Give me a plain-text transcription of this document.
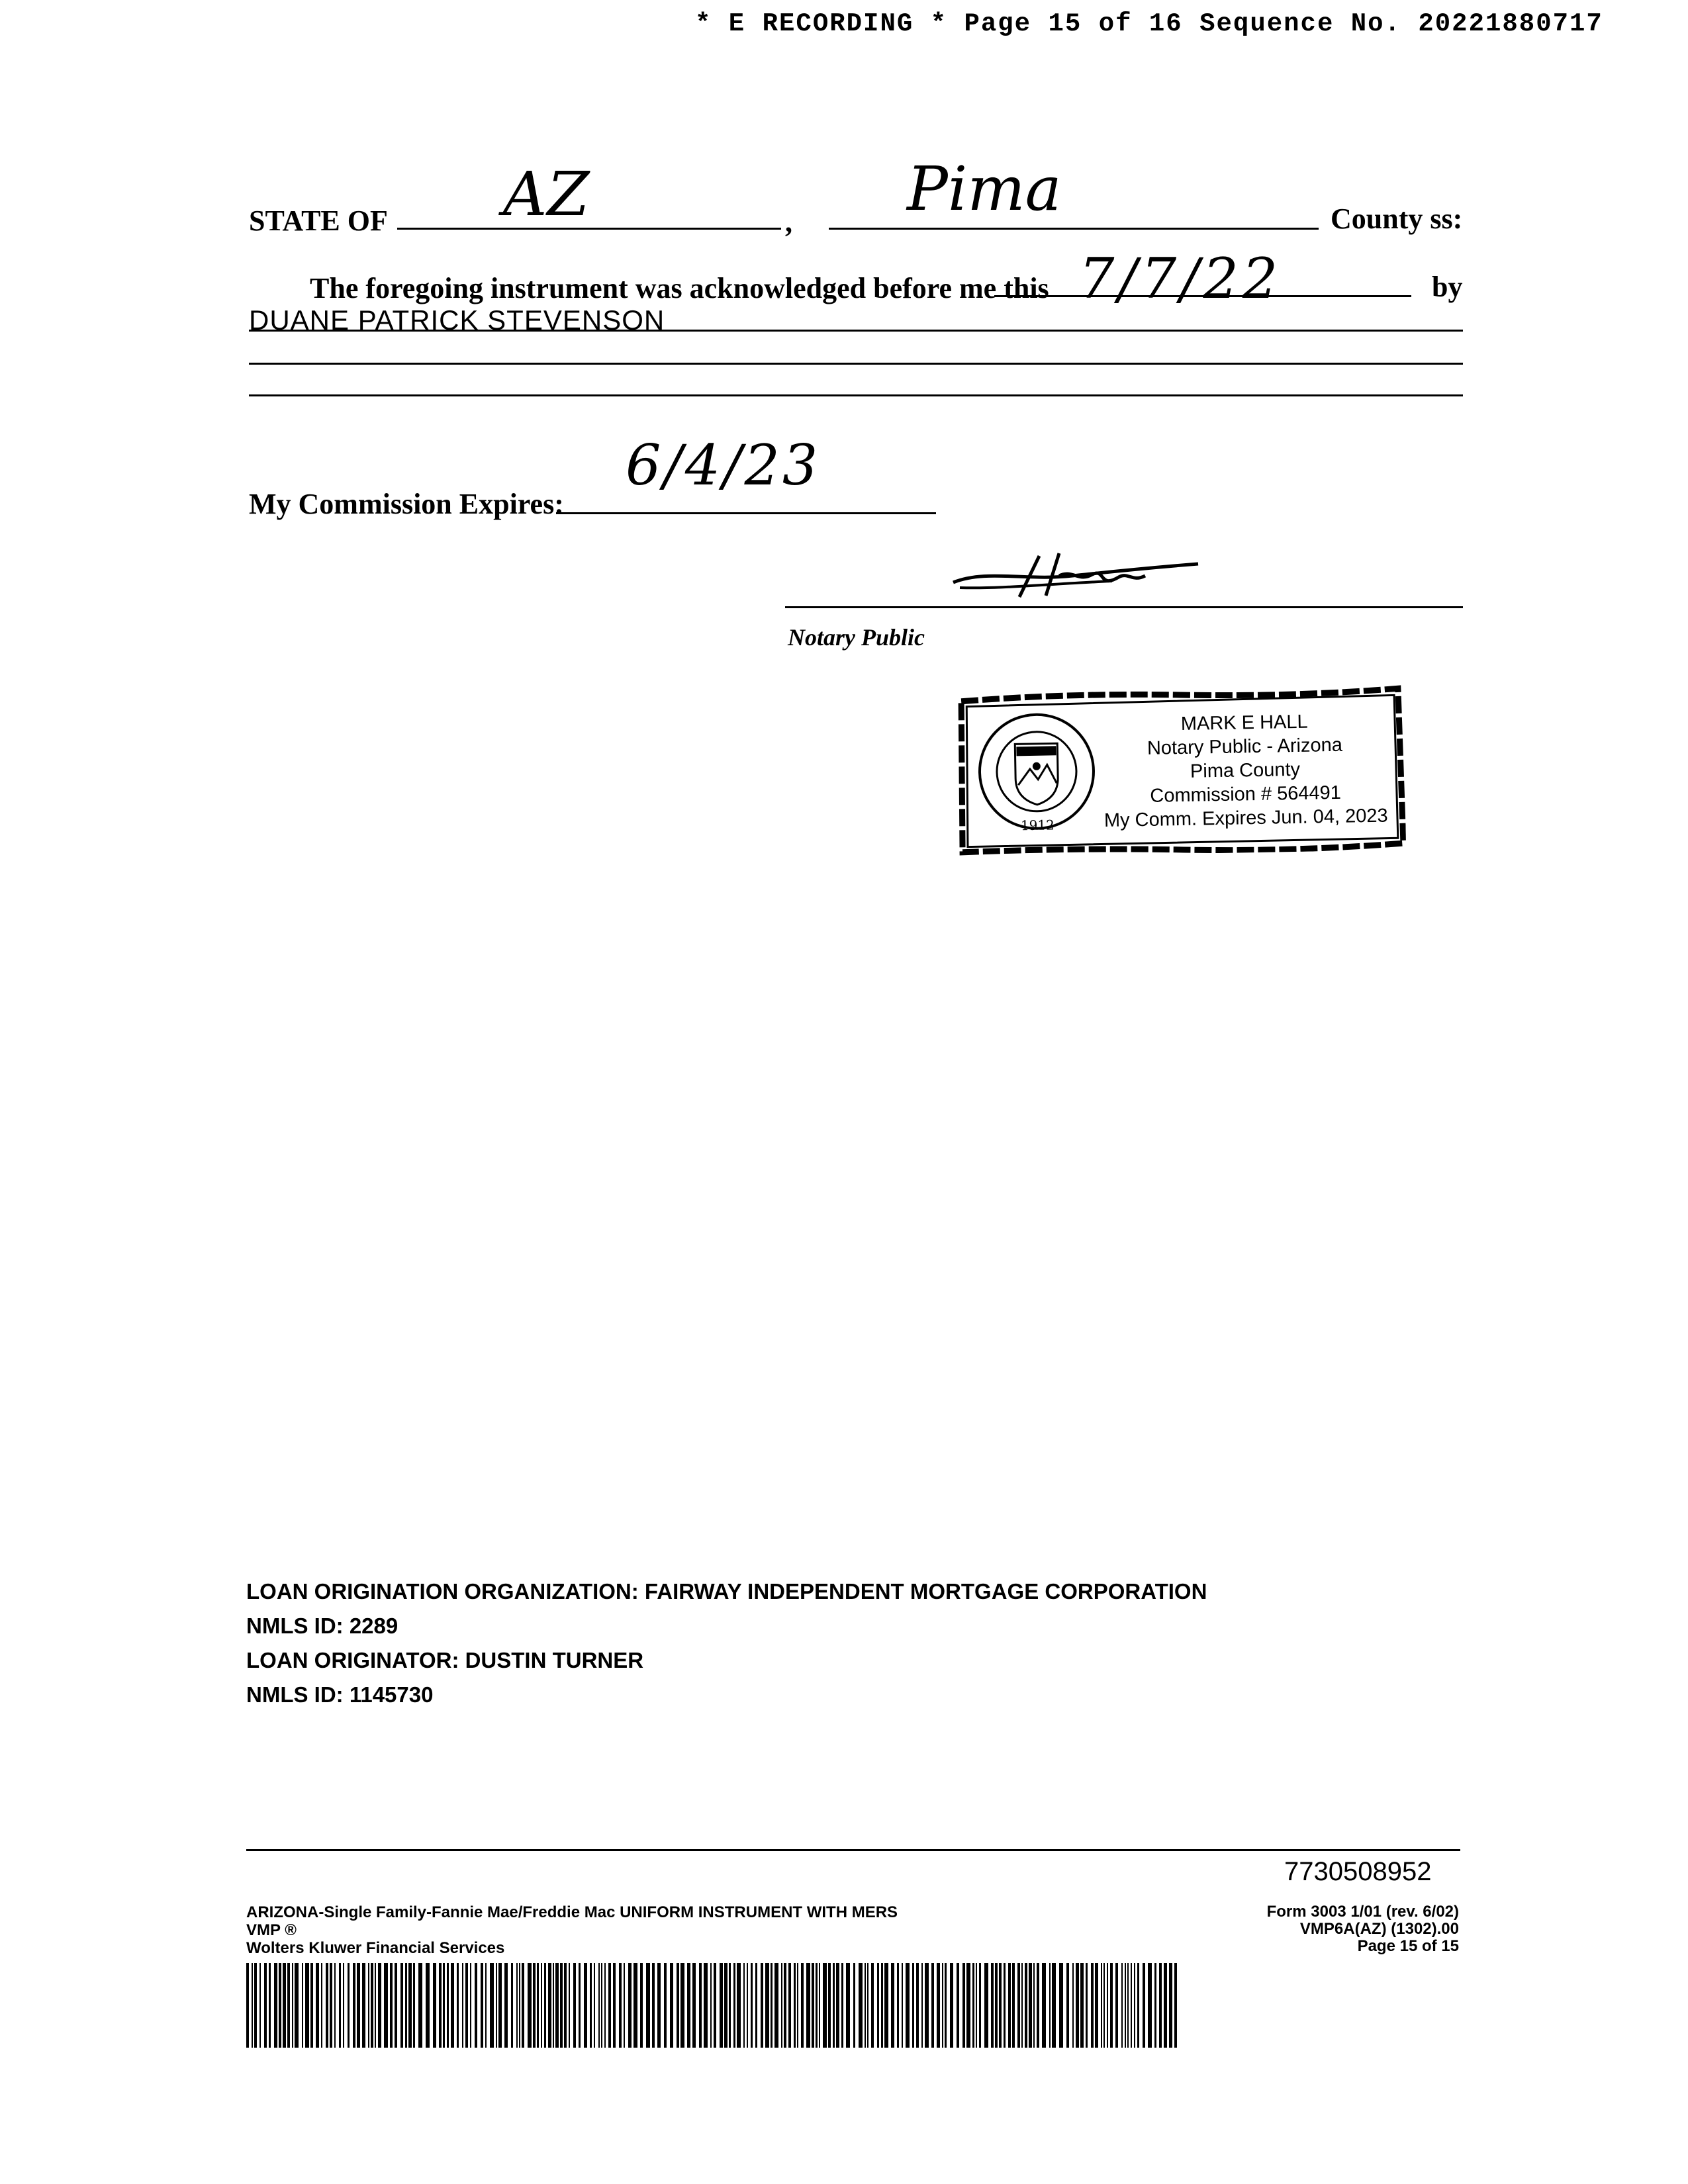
* E RECORDING * Page 15 of 16 Sequence No. 20221880717
STATE OF AZ	, Pima	County ss:
The foregoing instrument was acknowledged before me this 7/7/22	by
DUANE PATRICK STEVENSON
My Commission Expires:
6/4/23
Notary Public
1912
MARK E HALL
Notary Public - Arizona
Pima County
Commission # 564491
My Comm. Expires Jun. 04, 2023
LOAN ORIGINATION ORGANIZATION: FAIRWAY INDEPENDENT MORTGAGE CORPORATION
NMLS ID: 2289
LOAN ORIGINATOR: DUSTIN TURNER
NMLS ID: 1145730
7730508952
ARIZONA-Single Family-Fannie Mae/Freddie Mac UNIFORM INSTRUMENT WITH MERS
VMP ®
Wolters Kluwer Financial Services
Form 3003 1/01 (rev. 6/02)
VMP6A(AZ) (1302).00
Page 15 of 15
